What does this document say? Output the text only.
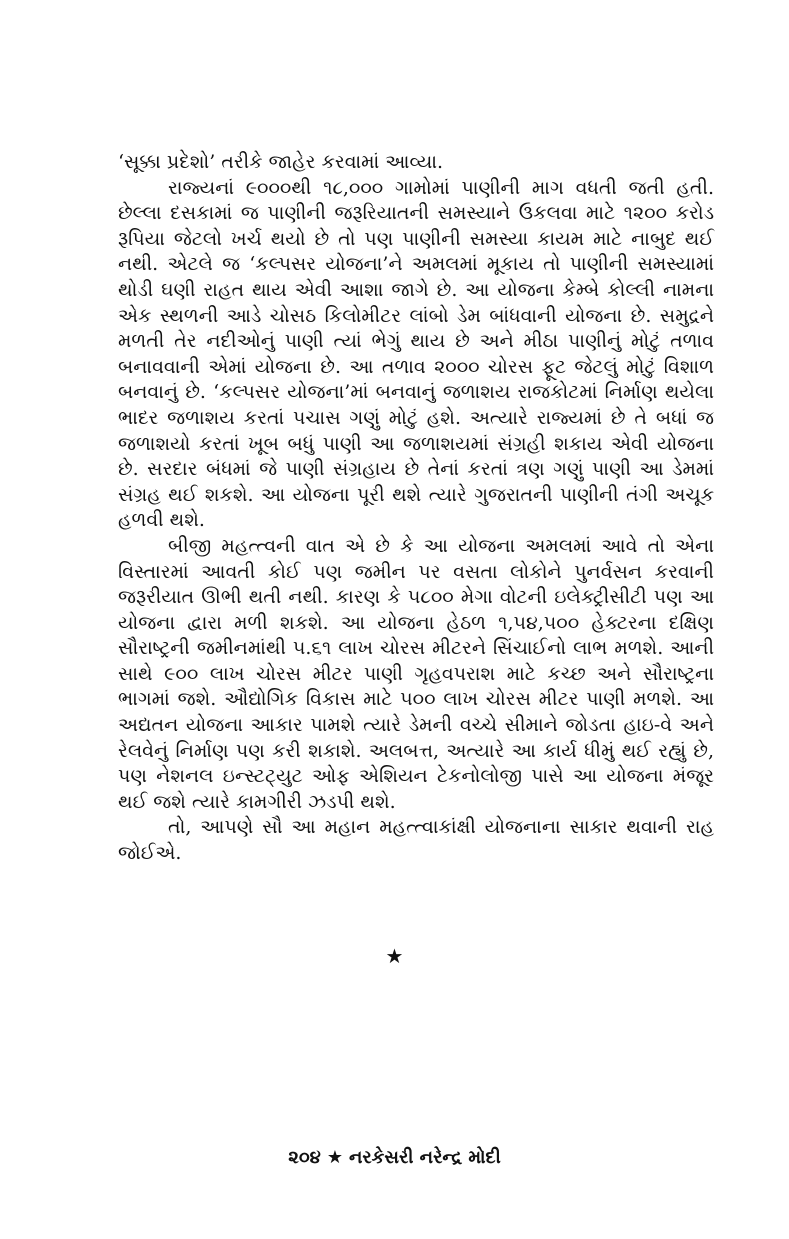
‘સૂક્કા પ્રદેશો’ તરીકે જાહેર કરવામાં આવ્યા.

રાજ્યનાં ૯૦૦૦થી ૧૮,૦૦૦ ગામોમાં પાણીની માગ વધતી જતી હતી. છેલ્લા દસકામાં જ પાણીની જરૂરિયાતની સમસ્યાને ઉકલવા માટે ૧૨૦૦ કરોડ રૂપિયા જેટલો ખર્ચ થયો છે તો પણ પાણીની સમસ્યા કાયમ માટે નાબુદ થઈ નથી. એટલે જ ‘કલ્પસર યોજના’ને અમલમાં મૂકાય તો પાણીની સમસ્યામાં થોડી ઘણી રાહત થાય એવી આશા જાગે છે. આ યોજના કેમ્બે કોલ્લી નામના એક સ્થળની આડે ચોસઠ કિલોમીટર લાંબો ડેમ બાંધવાની યોજના છે. સમુદ્રને મળતી તેર નદીઓનું પાણી ત્યાં ભેગું થાય છે અને મીઠા પાણીનું મોટું તળાવ બનાવવાની એમાં યોજના છે. આ તળાવ ૨૦૦૦ ચોરસ ફૂટ જેટલું મોટું વિશાળ બનવાનું છે. ‘કલ્પસર યોજના’માં બનવાનું જળાશય રાજકોટમાં નિર્માણ થયેલા ભાદર જળાશય કરતાં પચાસ ગણું મોટું હશે. અત્યારે રાજ્યમાં છે તે બધાં જ જળાશયો કરતાં ખૂબ બધું પાણી આ જળાશયમાં સંગ્રહી શકાય એવી યોજના છે. સરદાર બંધમાં જે પાણી સંગ્રહાય છે તેનાં કરતાં ત્રણ ગણું પાણી આ ડેમમાં સંગ્રહ થઈ શકશે. આ યોજના પૂરી થશે ત્યારે ગુજરાતની પાણીની તંગી અચૂક હળવી થશે.

બીજી મહત્ત્વની વાત એ છે કે આ યોજના અમલમાં આવે તો એના વિસ્તારમાં આવતી કોઈ પણ જમીન પર વસતા લોકોને પુનર્વસન કરવાની જરૂરીયાત ઊભી થતી નથી. કારણ કે ૫૮૦૦ મેગા વોટની ઇલેક્ટ્રીસીટી પણ આ યોજના દ્વારા મળી શકશે. આ યોજના હેઠળ ૧,૫૪,૫૦૦ હેક્ટરના દક્ષિણ સૌરાષ્ટ્રની જમીનમાંથી ૫.૬૧ લાખ ચોરસ મીટરને સિંચાઈનો લાભ મળશે. આની સાથે ૯૦૦ લાખ ચોરસ મીટર પાણી ગૃહવપરાશ માટે કચ્છ અને સૌરાષ્ટ્રના ભાગમાં જશે. ઔદ્યોગિક વિકાસ માટે ૫૦૦ લાખ ચોરસ મીટર પાણી મળશે. આ અદ્યતન યોજના આકાર પામશે ત્યારે ડેમની વચ્ચે સીમાને જોડતા હાઇ-વે અને રેલવેનું નિર્માણ પણ કરી શકાશે. અલબત્ત, અત્યારે આ કાર્ય ધીમું થઈ રહ્યું છે, પણ નેશનલ ઇન્સ્ટટ્યુટ ઓફ એશિયન ટેકનોલોજી પાસે આ યોજના મંજૂર થઈ જશે ત્યારે કામગીરી ઝડપી થશે.

તો, આપણે સૌ આ મહાન મહત્ત્વાકાંક્ષી યોજનાના સાકાર થવાની રાહ જોઈએ.

★
૨૦૪ ★ નરકેસરી નરેન્દ્ર મોદી
